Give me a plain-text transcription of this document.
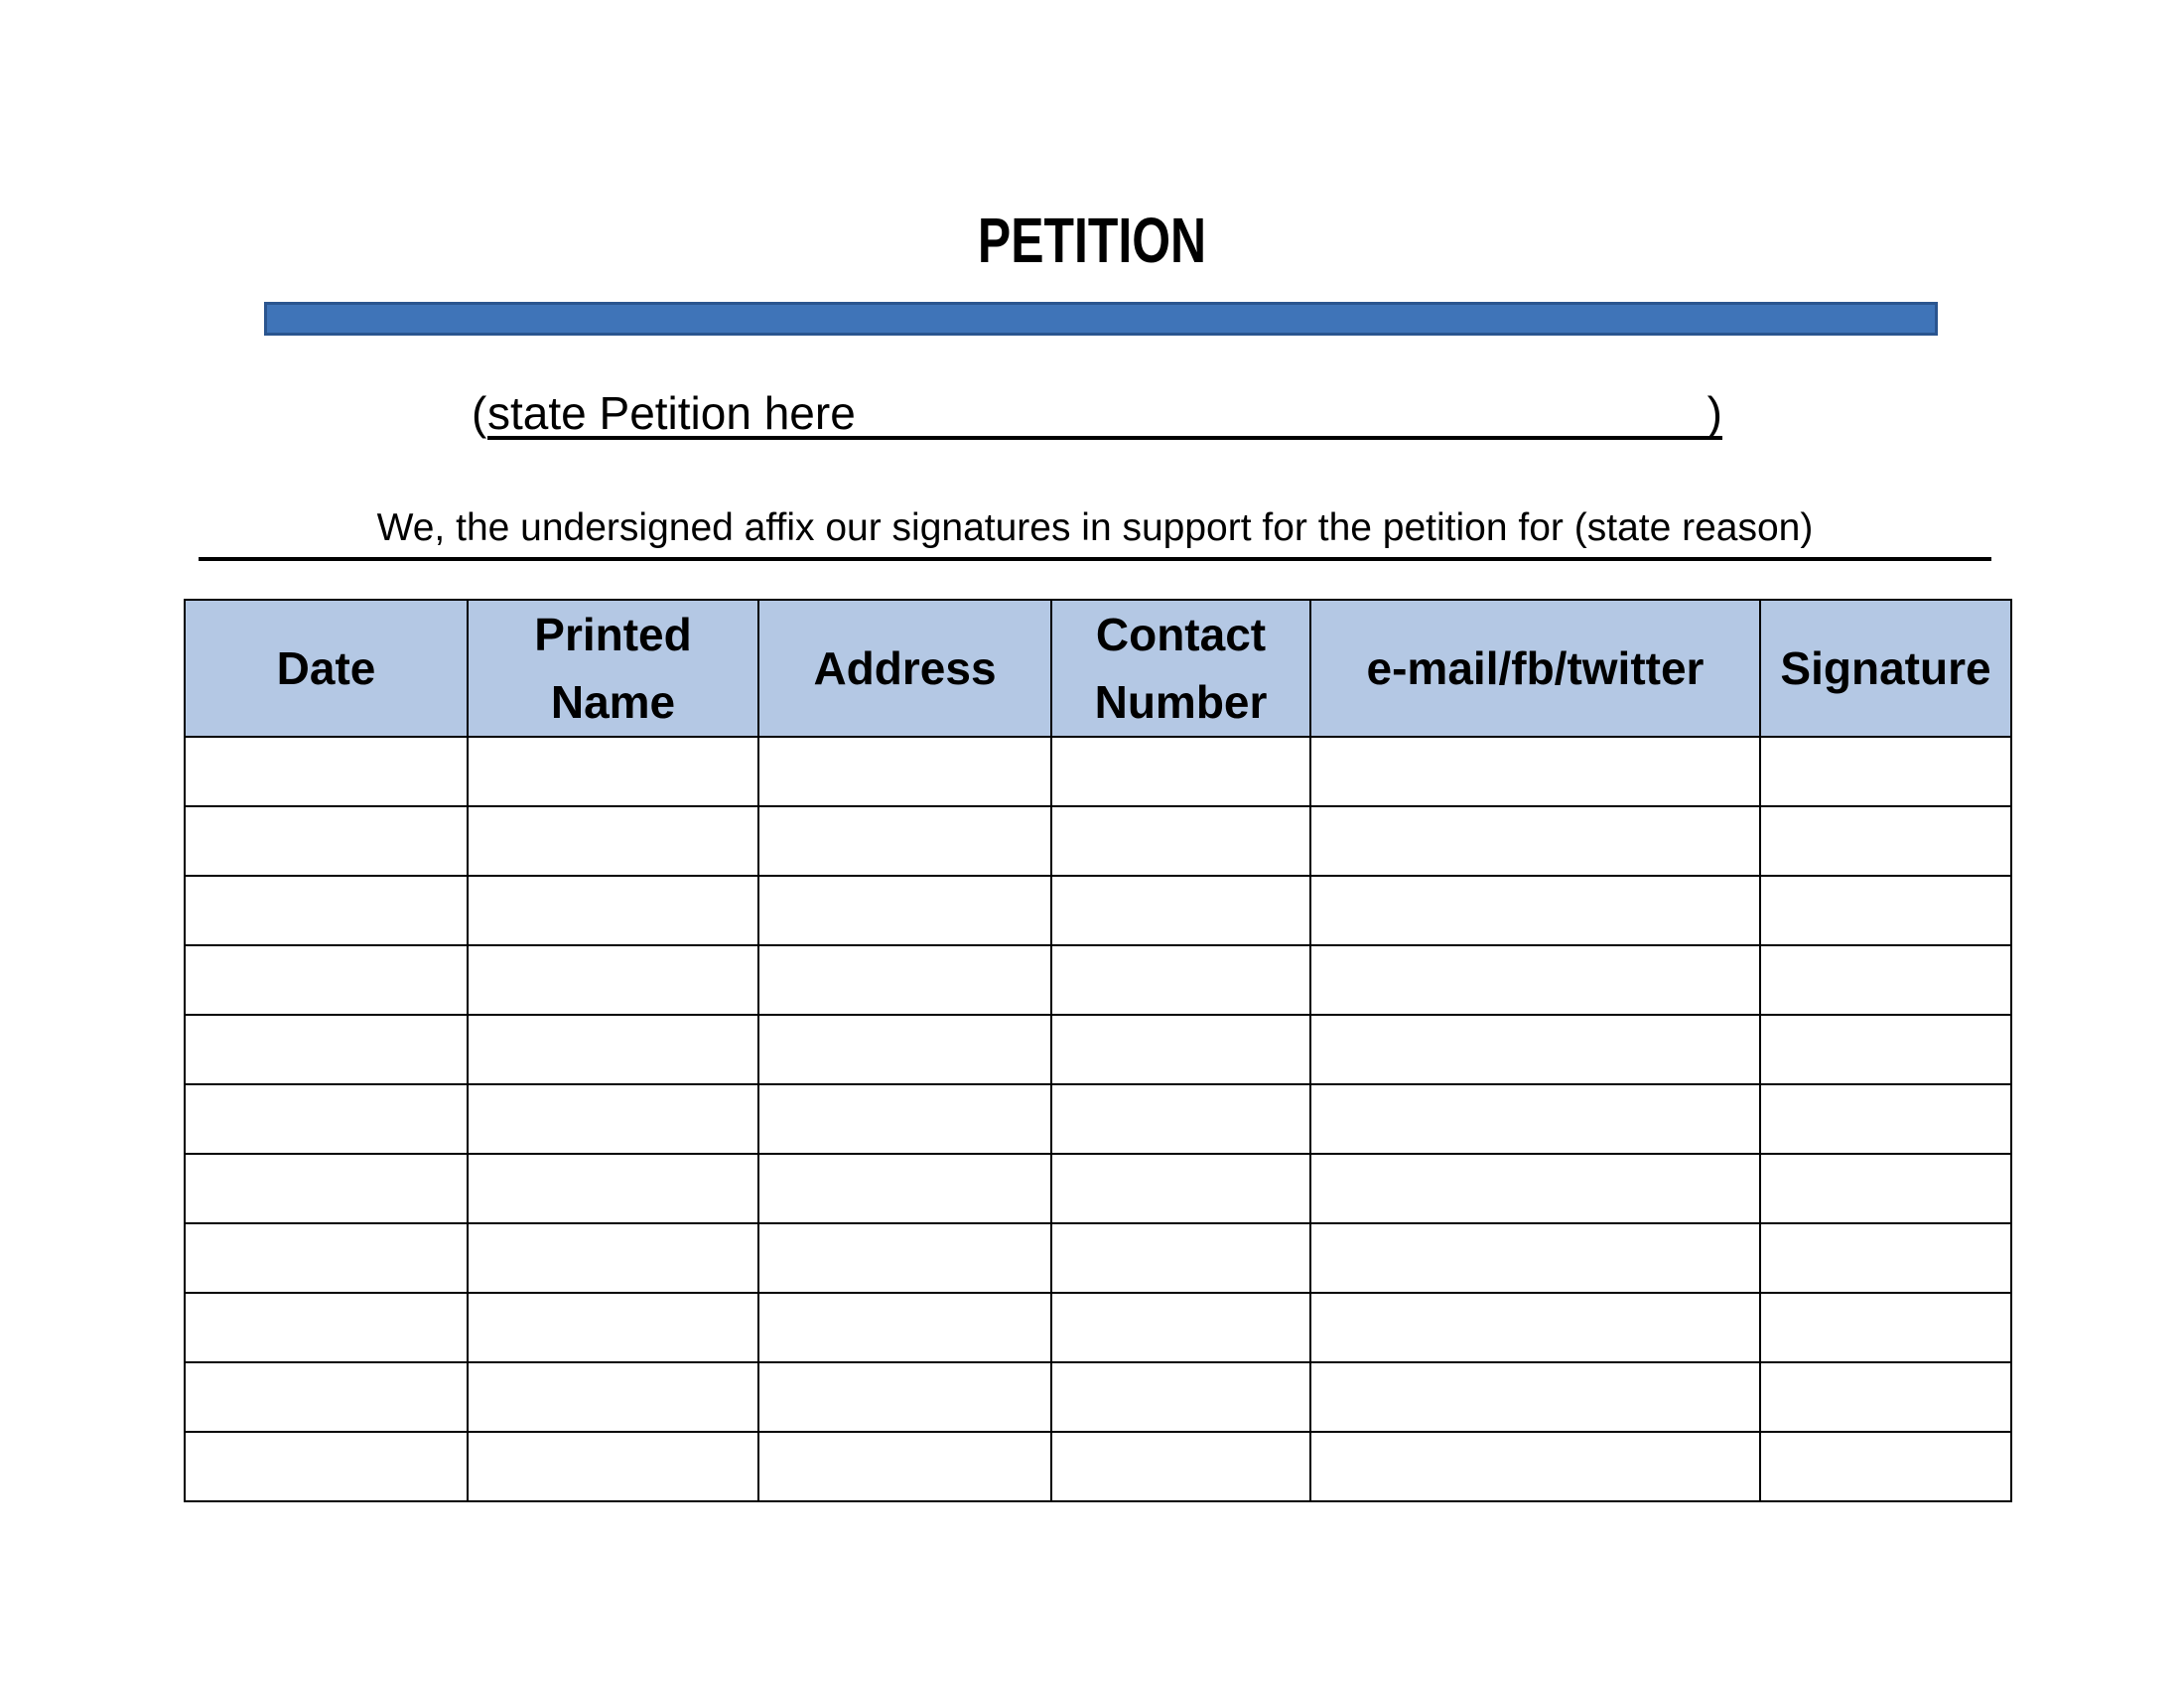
PETITION
( state Petition here	)
We, the undersigned affix our signatures in support for the petition for (state reason)
Date	Printed Name	Address	Contact Number	e-mail/fb/twitter	Signature
